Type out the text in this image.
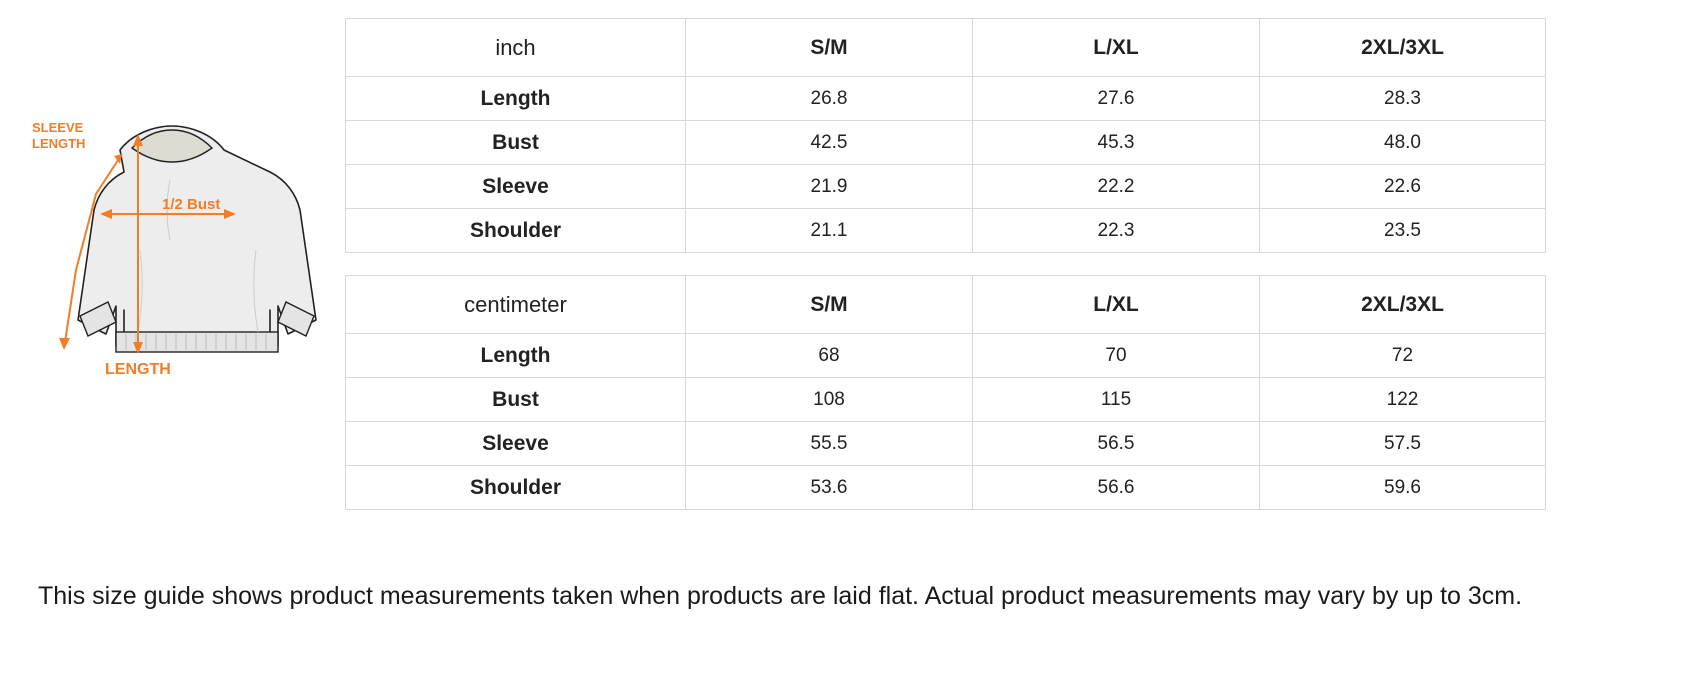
SLEEVE
LENGTH
1/2 Bust
LENGTH
inch	S/M	L/XL	2XL/3XL
Length	26.8	27.6	28.3
Bust	42.5	45.3	48.0
Sleeve	21.9	22.2	22.6
Shoulder	21.1	22.3	23.5
centimeter	S/M	L/XL	2XL/3XL
Length	68	70	72
Bust	108	115	122
Sleeve	55.5	56.5	57.5
Shoulder	53.6	56.6	59.6
This size guide shows product measurements taken when products are laid flat. Actual product measurements may vary by up to 3cm.
